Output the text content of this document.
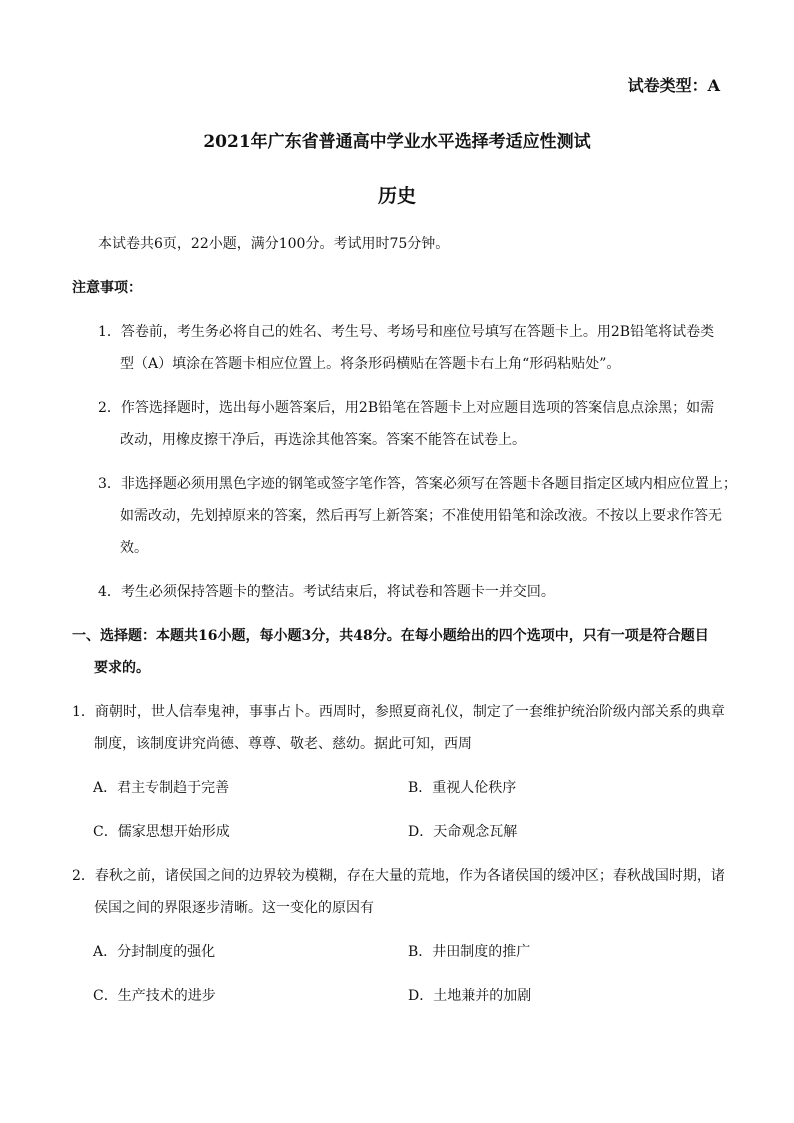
试卷类型：A
2021年广东省普通高中学业水平选择考适应性测试
历史
本试卷共6页，22小题，满分100分。考试用时75分钟。
注意事项：
1．答卷前，考生务必将自己的姓名、考生号、考场号和座位号填写在答题卡上。用2B铅笔将试卷类
型（A）填涂在答题卡相应位置上。将条形码横贴在答题卡右上角“形码粘贴处”。
2．作答选择题时，选出每小题答案后，用2B铅笔在答题卡上对应题目选项的答案信息点涂黑；如需
改动，用橡皮擦干净后，再选涂其他答案。答案不能答在试卷上。
3．非选择题必须用黑色字迹的钢笔或签字笔作答，答案必须写在答题卡各题目指定区域内相应位置上；
如需改动，先划掉原来的答案，然后再写上新答案；不准使用铅笔和涂改液。不按以上要求作答无
效。
4．考生必须保持答题卡的整洁。考试结束后，将试卷和答题卡一并交回。
一、选择题：本题共16小题，每小题3分，共48分。在每小题给出的四个选项中，只有一项是符合题目
要求的。
1．商朝时，世人信奉鬼神，事事占卜。西周时，参照夏商礼仪，制定了一套维护统治阶级内部关系的典章
制度，该制度讲究尚德、尊尊、敬老、慈幼。据此可知，西周
A．君主专制趋于完善	B．重视人伦秩序
C．儒家思想开始形成	D．天命观念瓦解
2．春秋之前，诸侯国之间的边界较为模糊，存在大量的荒地，作为各诸侯国的缓冲区；春秋战国时期，诸
侯国之间的界限逐步清晰。这一变化的原因有
A．分封制度的强化	B．井田制度的推广
C．生产技术的进步	D．土地兼并的加剧
